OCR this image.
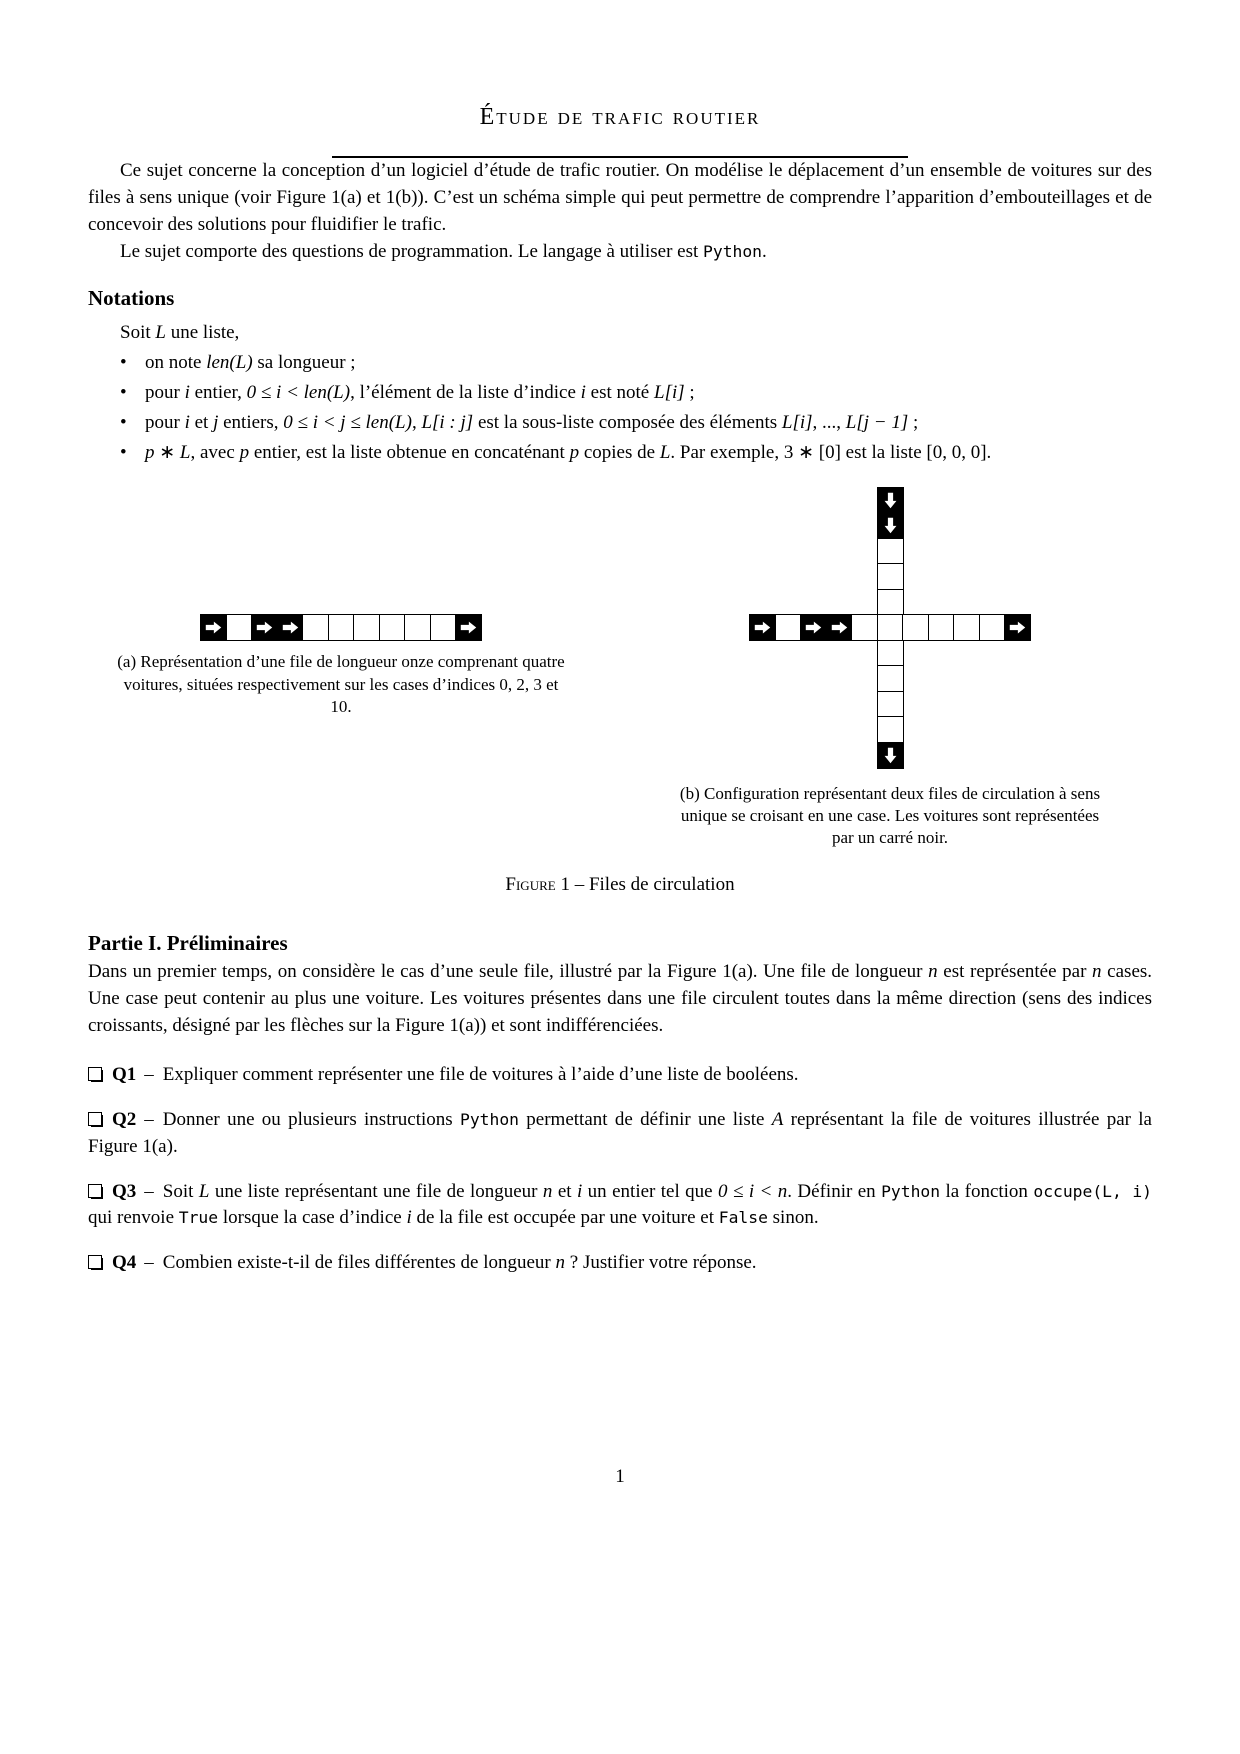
Étude de trafic routier

Ce sujet concerne la conception d’un logiciel d’étude de trafic routier. On modélise le déplacement d’un ensemble de voitures sur des files à sens unique (voir Figure 1(a) et 1(b)). C’est un schéma simple qui peut permettre de comprendre l’apparition d’embouteillages et de concevoir des solutions pour fluidifier le trafic.

Le sujet comporte des questions de programmation. Le langage à utiliser est Python.

Notations

Soit L une liste,

• on note len(L) sa longueur ;
• pour i entier, 0 ≤ i < len(L), l’élément de la liste d’indice i est noté L[i] ;
• pour i et j entiers, 0 ≤ i < j ≤ len(L), L[i : j] est la sous-liste composée des éléments L[i], ..., L[j − 1] ;
• p ∗ L, avec p entier, est la liste obtenue en concaténant p copies de L. Par exemple, 3 ∗ [0] est la liste [0, 0, 0].
(a) Représentation d’une file de longueur onze comprenant quatre voitures, situées respectivement sur les cases d’indices 0, 2, 3 et 10.
(b) Configuration représentant deux files de circulation à sens unique se croisant en une case. Les voitures sont représentées par un carré noir.
Figure 1 – Files de circulation
Partie I. Préliminaires

Dans un premier temps, on considère le cas d’une seule file, illustré par la Figure 1(a). Une file de longueur n est représentée par n cases. Une case peut contenir au plus une voiture. Les voitures présentes dans une file circulent toutes dans la même direction (sens des indices croissants, désigné par les flèches sur la Figure 1(a)) et sont indifférenciées.

Q1 – Expliquer comment représenter une file de voitures à l’aide d’une liste de booléens.

Q2 – Donner une ou plusieurs instructions Python permettant de définir une liste A représentant la file de voitures illustrée par la Figure 1(a).

Q3 – Soit L une liste représentant une file de longueur n et i un entier tel que 0 ≤ i < n. Définir en Python la fonction occupe(L, i) qui renvoie True lorsque la case d’indice i de la file est occupée par une voiture et False sinon.

Q4 – Combien existe-t-il de files différentes de longueur n ? Justifier votre réponse.

1
